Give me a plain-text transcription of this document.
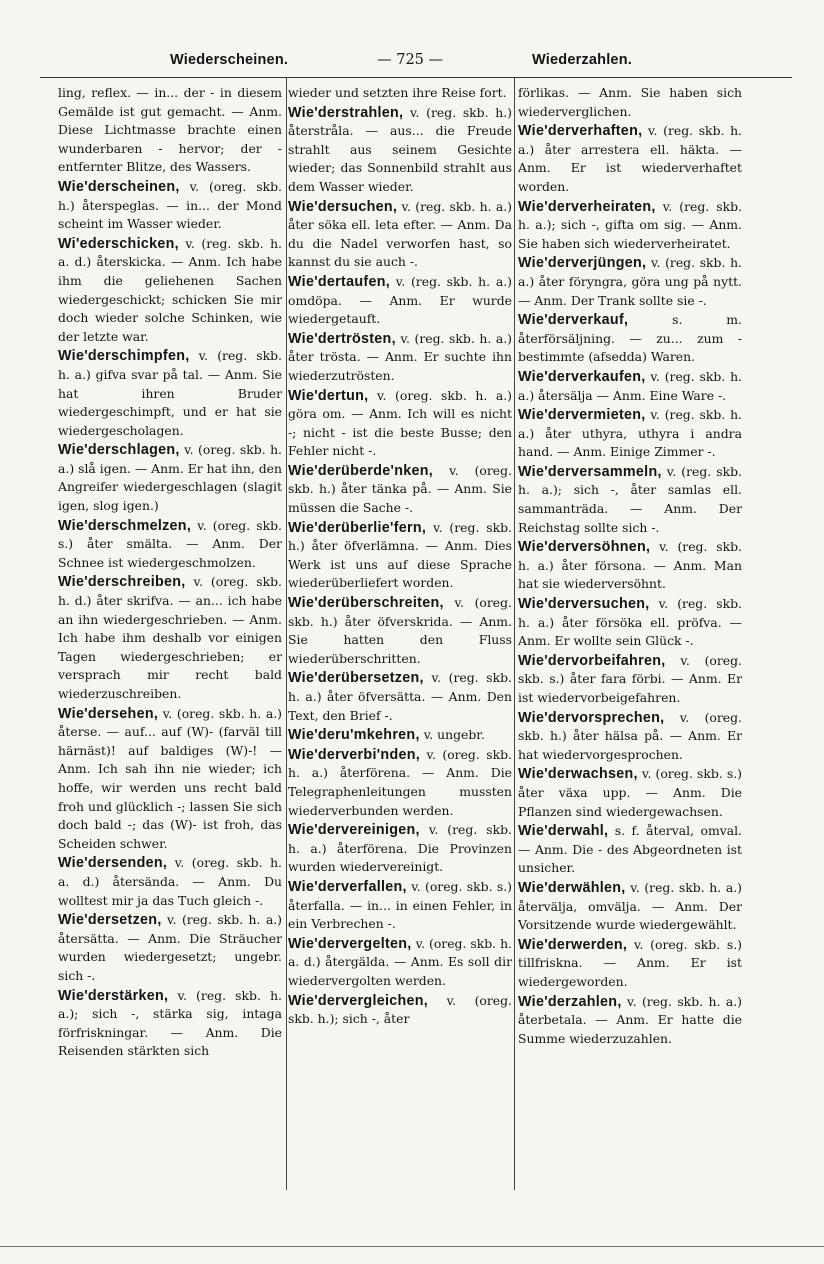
Wiederscheinen.	— 725 —	Wiederzahlen.
ling, reflex. — in... der - in diesem Gemälde ist gut gemacht. — Anm. Diese Lichtmasse brachte einen wunderbaren - hervor; der - entfernter Blitze, des Wassers.
Wie'derscheinen, v. (oreg. skb. h.) återspeglas. — in... der Mond scheint im Wasser wieder.
Wi'ederschicken, v. (reg. skb. h. a. d.) återskicka. — Anm. Ich habe ihm die geliehenen Sachen wiedergeschickt; schicken Sie mir doch wieder solche Schinken, wie der letzte war.
Wie'derschimpfen, v. (reg. skb. h. a.) gifva svar på tal. — Anm. Sie hat ihren Bruder wiedergeschimpft, und er hat sie wiedergescholagen.
Wie'derschlagen, v. (oreg. skb. h. a.) slå igen. — Anm. Er hat ihn, den Angreifer wiedergeschlagen (slagit igen, slog igen.)
Wie'derschmelzen, v. (oreg. skb. s.) åter smälta. — Anm. Der Schnee ist wiedergeschmolzen.
Wie'derschreiben, v. (oreg. skb. h. d.) åter skrifva. — an... ich habe an ihn wiedergeschrieben. — Anm. Ich habe ihm deshalb vor einigen Tagen wiedergeschrieben; er versprach mir recht bald wiederzuschreiben.
Wie'dersehen, v. (oreg. skb. h. a.) återse. — auf... auf (W)- (farväl till härnäst)! auf baldiges (W)-! — Anm. Ich sah ihn nie wieder; ich hoffe, wir werden uns recht bald froh und glücklich -; lassen Sie sich doch bald -; das (W)- ist froh, das Scheiden schwer.
Wie'dersenden, v. (oreg. skb. h. a. d.) återsända. — Anm. Du wolltest mir ja das Tuch gleich -.
Wie'dersetzen, v. (reg. skb. h. a.) återsätta. — Anm. Die Sträucher wurden wiedergesetzt; ungebr. sich -.
Wie'derstärken, v. (reg. skb. h. a.); sich -, stärka sig, intaga förfriskningar. — Anm. Die Reisenden stärkten sich
wieder und setzten ihre Reise fort.
Wie'derstrahlen, v. (reg. skb. h.) återstråla. — aus... die Freude strahlt aus seinem Gesichte wieder; das Sonnenbild strahlt aus dem Wasser wieder.
Wie'dersuchen, v. (reg. skb. h. a.) åter söka ell. leta efter. — Anm. Da du die Nadel verworfen hast, so kannst du sie auch -.
Wie'dertaufen, v. (reg. skb. h. a.) omdöpa. — Anm. Er wurde wiedergetauft.
Wie'dertrösten, v. (reg. skb. h. a.) åter trösta. — Anm. Er suchte ihn wiederzutrösten.
Wie'dertun, v. (oreg. skb. h. a.) göra om. — Anm. Ich will es nicht -; nicht - ist die beste Busse; den Fehler nicht -.
Wie'derüberde'nken, v. (oreg. skb. h.) åter tänka på. — Anm. Sie müssen die Sache -.
Wie'derüberlie'fern, v. (reg. skb. h.) åter öfverlämna. — Anm. Dies Werk ist uns auf diese Sprache wiederüberliefert worden.
Wie'derüberschreiten, v. (oreg. skb. h.) åter öfverskrida. — Anm. Sie hatten den Fluss wiederüberschritten.
Wie'derübersetzen, v. (reg. skb. h. a.) åter öfversätta. — Anm. Den Text, den Brief -.
Wie'deru'mkehren, v. ungebr.
Wie'derverbi'nden, v. (oreg. skb. h. a.) återförena. — Anm. Die Telegraphenleitungen mussten wiederverbunden werden.
Wie'dervereinigen, v. (reg. skb. h. a.) återförena. Die Provinzen wurden wiedervereinigt.
Wie'derverfallen, v. (oreg. skb. s.) återfalla. — in... in einen Fehler, in ein Verbrechen -.
Wie'dervergelten, v. (oreg. skb. h. a. d.) återgälda. — Anm. Es soll dir wiedervergolten werden.
Wie'dervergleichen, v. (oreg. skb. h.); sich -, åter
förlikas. — Anm. Sie haben sich wiederverglichen.
Wie'derverhaften, v. (reg. skb. h. a.) åter arrestera ell. häkta. — Anm. Er ist wiederverhaftet worden.
Wie'derverheiraten, v. (reg. skb. h. a.); sich -, gifta om sig. — Anm. Sie haben sich wiederverheiratet.
Wie'derverjüngen, v. (reg. skb. h. a.) åter föryngra, göra ung på nytt. — Anm. Der Trank sollte sie -.
Wie'derverkauf,	s. m. återförsäljning. — zu... zum - bestimmte (afsedda) Waren.
Wie'derverkaufen, v. (reg. skb. h. a.) återsälja — Anm. Eine Ware -.
Wie'dervermieten, v. (reg. skb. h. a.) åter uthyra, uthyra i andra hand. — Anm. Einige Zimmer -.
Wie'derversammeln, v. (reg. skb. h. a.); sich -, åter samlas ell. sammanträda. — Anm. Der Reichstag sollte sich -.
Wie'derversöhnen, v. (reg. skb. h. a.) åter försona. — Anm. Man hat sie wiederversöhnt.
Wie'derversuchen, v. (reg. skb. h. a.) åter försöka ell. pröfva. — Anm. Er wollte sein Glück -.
Wie'dervorbeifahren, v. (oreg. skb. s.) åter fara förbi. — Anm. Er ist wiedervorbeigefahren.
Wie'dervorsprechen, v. (oreg. skb. h.) åter hälsa på. — Anm. Er hat wiedervorgesprochen.
Wie'derwachsen, v. (oreg. skb. s.) åter växa upp. — Anm. Die Pflanzen sind wiedergewachsen.
Wie'derwahl, s. f. återval, omval. — Anm. Die - des Abgeordneten ist unsicher.
Wie'derwählen, v. (reg. skb. h. a.) återvälja, omvälja. — Anm. Der Vorsitzende wurde wiedergewählt.
Wie'derwerden, v. (oreg. skb. s.) tillfriskna. — Anm. Er ist wiedergeworden.
Wie'derzahlen, v. (reg. skb. h. a.) återbetala. — Anm. Er hatte die Summe wiederzuzahlen.
